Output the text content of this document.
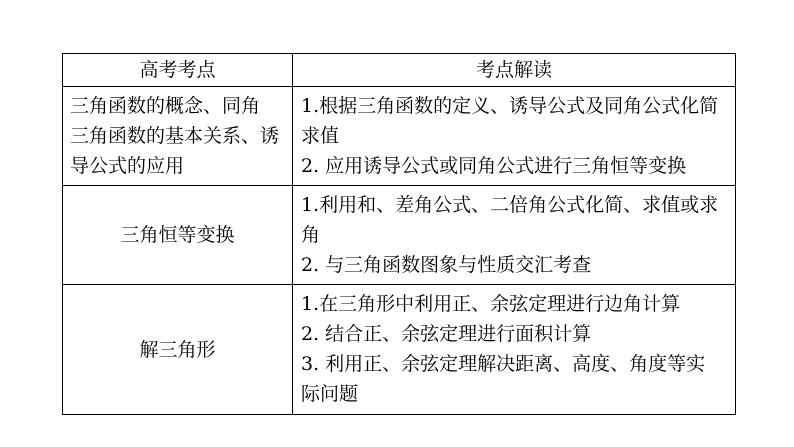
高考考点	考点解读

三角函数的概念、同角
三角函数的基本关系、诱
导公式的应用	1.根据三角函数的定义、诱导公式及同角公式化简
求值
2. 应用诱导公式或同角公式进行三角恒等变换

三角恒等变换	1.利用和、差角公式、二倍角公式化简、求值或求
角
2. 与三角函数图象与性质交汇考查

解三角形	1.在三角形中利用正、余弦定理进行边角计算
2. 结合正、余弦定理进行面积计算
3. 利用正、余弦定理解决距离、高度、角度等实
际问题
